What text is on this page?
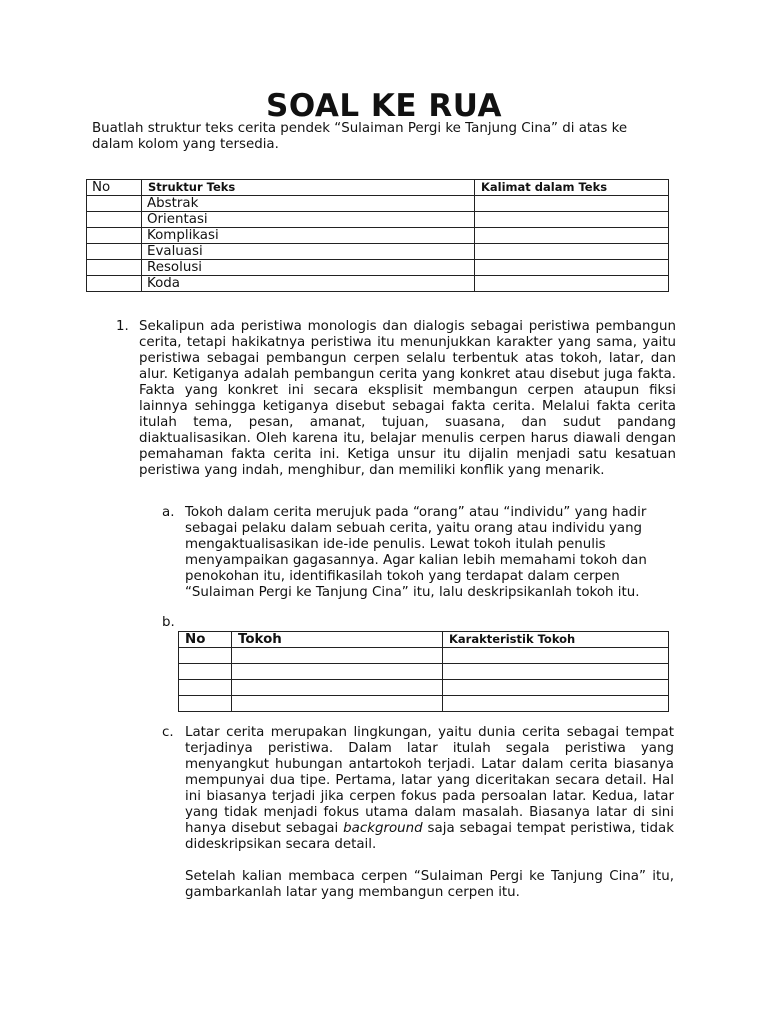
SOAL KE RUA
Buatlah struktur teks cerita pendek “Sulaiman Pergi ke Tanjung Cina” di atas ke dalam kolom yang tersedia.
No	Struktur Teks	Kalimat dalam Teks
	Abstrak	
	Orientasi	
	Komplikasi	
	Evaluasi	
	Resolusi	
	Koda	
1. Sekalipun ada peristiwa monologis dan dialogis sebagai peristiwa pembangun cerita, tetapi hakikatnya peristiwa itu menunjukkan karakter yang sama, yaitu peristiwa sebagai pembangun cerpen selalu terbentuk atas tokoh, latar, dan alur. Ketiganya adalah pembangun cerita yang konkret atau disebut juga fakta. Fakta yang konkret ini secara eksplisit membangun cerpen ataupun fiksi lainnya sehingga ketiganya disebut sebagai fakta cerita. Melalui fakta cerita itulah tema, pesan, amanat, tujuan, suasana, dan sudut pandang diaktualisasikan. Oleh karena itu, belajar menulis cerpen harus diawali dengan pemahaman fakta cerita ini. Ketiga unsur itu dijalin menjadi satu kesatuan peristiwa yang indah, menghibur, dan memiliki konflik yang menarik.
a. Tokoh dalam cerita merujuk pada “orang” atau “individu” yang hadir sebagai pelaku dalam sebuah cerita, yaitu orang atau individu yang mengaktualisasikan ide-ide penulis. Lewat tokoh itulah penulis menyampaikan gagasannya. Agar kalian lebih memahami tokoh dan penokohan itu, identifikasilah tokoh yang terdapat dalam cerpen “Sulaiman Pergi ke Tanjung Cina” itu, lalu deskripsikanlah tokoh itu.
b.
No	Tokoh	Karakteristik Tokoh

c. Latar cerita merupakan lingkungan, yaitu dunia cerita sebagai tempat terjadinya peristiwa. Dalam latar itulah segala peristiwa yang menyangkut hubungan antartokoh terjadi. Latar dalam cerita biasanya mempunyai dua tipe. Pertama, latar yang diceritakan secara detail. Hal ini biasanya terjadi jika cerpen fokus pada persoalan latar. Kedua, latar yang tidak menjadi fokus utama dalam masalah. Biasanya latar di sini hanya disebut sebagai background saja sebagai tempat peristiwa, tidak dideskripsikan secara detail.

Setelah kalian membaca cerpen “Sulaiman Pergi ke Tanjung Cina” itu, gambarkanlah latar yang membangun cerpen itu.
